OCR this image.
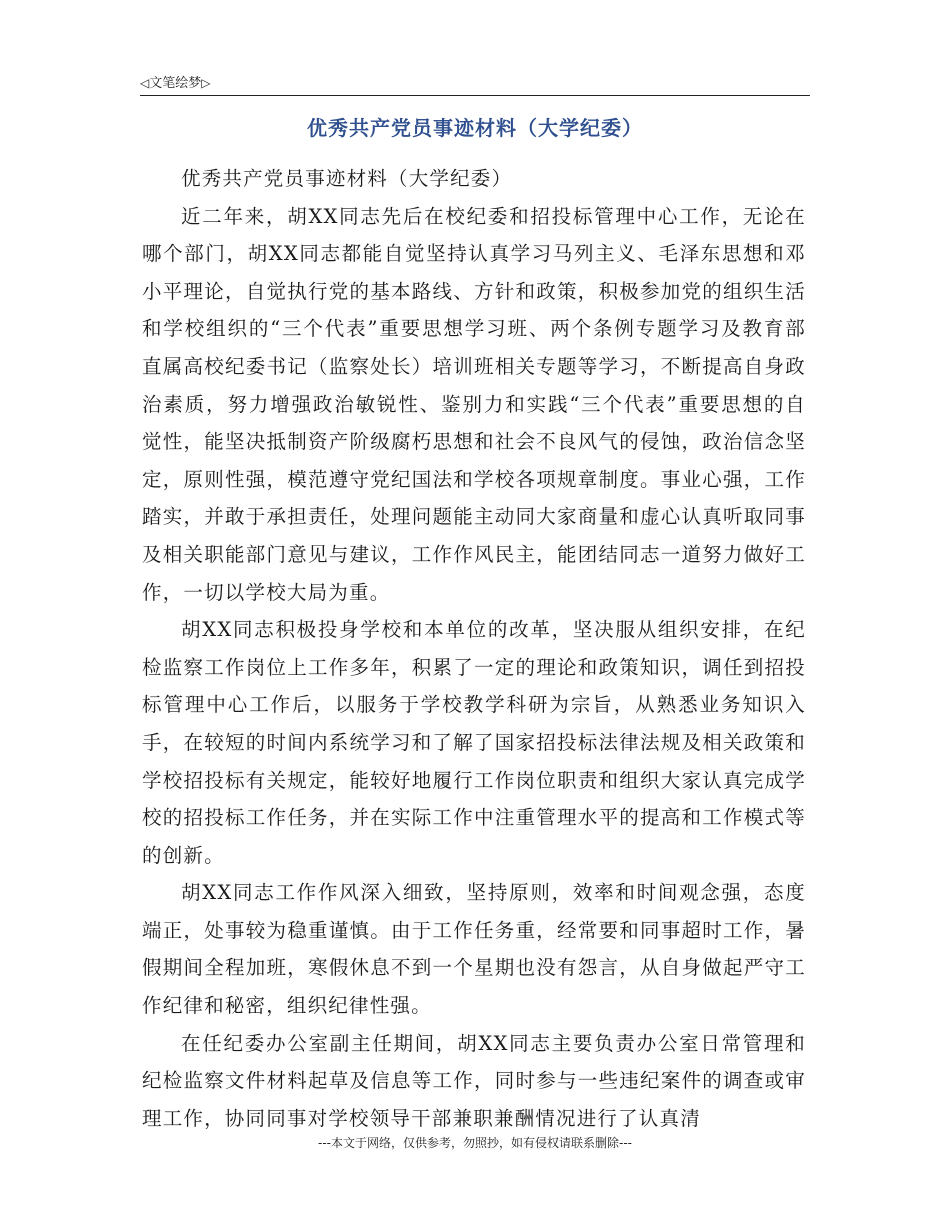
◁文笔绘梦▷
优秀共产党员事迹材料（大学纪委）

优秀共产党员事迹材料（大学纪委）

近二年来，胡XX同志先后在校纪委和招投标管理中心工作，无论在哪个部门，胡XX同志都能自觉坚持认真学习马列主义、毛泽东思想和邓小平理论，自觉执行党的基本路线、方针和政策，积极参加党的组织生活和学校组织的“三个代表”重要思想学习班、两个条例专题学习及教育部直属高校纪委书记（监察处长）培训班相关专题等学习，不断提高自身政治素质，努力增强政治敏锐性、鉴别力和实践“三个代表”重要思想的自觉性，能坚决抵制资产阶级腐朽思想和社会不良风气的侵蚀，政治信念坚定，原则性强，模范遵守党纪国法和学校各项规章制度。事业心强，工作踏实，并敢于承担责任，处理问题能主动同大家商量和虚心认真听取同事及相关职能部门意见与建议，工作作风民主，能团结同志一道努力做好工作，一切以学校大局为重。

胡XX同志积极投身学校和本单位的改革，坚决服从组织安排，在纪检监察工作岗位上工作多年，积累了一定的理论和政策知识，调任到招投标管理中心工作后，以服务于学校教学科研为宗旨，从熟悉业务知识入手，在较短的时间内系统学习和了解了国家招投标法律法规及相关政策和学校招投标有关规定，能较好地履行工作岗位职责和组织大家认真完成学校的招投标工作任务，并在实际工作中注重管理水平的提高和工作模式等的创新。

胡XX同志工作作风深入细致，坚持原则，效率和时间观念强，态度端正，处事较为稳重谨慎。由于工作任务重，经常要和同事超时工作，暑假期间全程加班，寒假休息不到一个星期也没有怨言，从自身做起严守工作纪律和秘密，组织纪律性强。

在任纪委办公室副主任期间，胡XX同志主要负责办公室日常管理和纪检监察文件材料起草及信息等工作，同时参与一些违纪案件的调查或审理工作，协同同事对学校领导干部兼职兼酬情况进行了认真清

---本文于网络，仅供参考，勿照抄，如有侵权请联系删除---
